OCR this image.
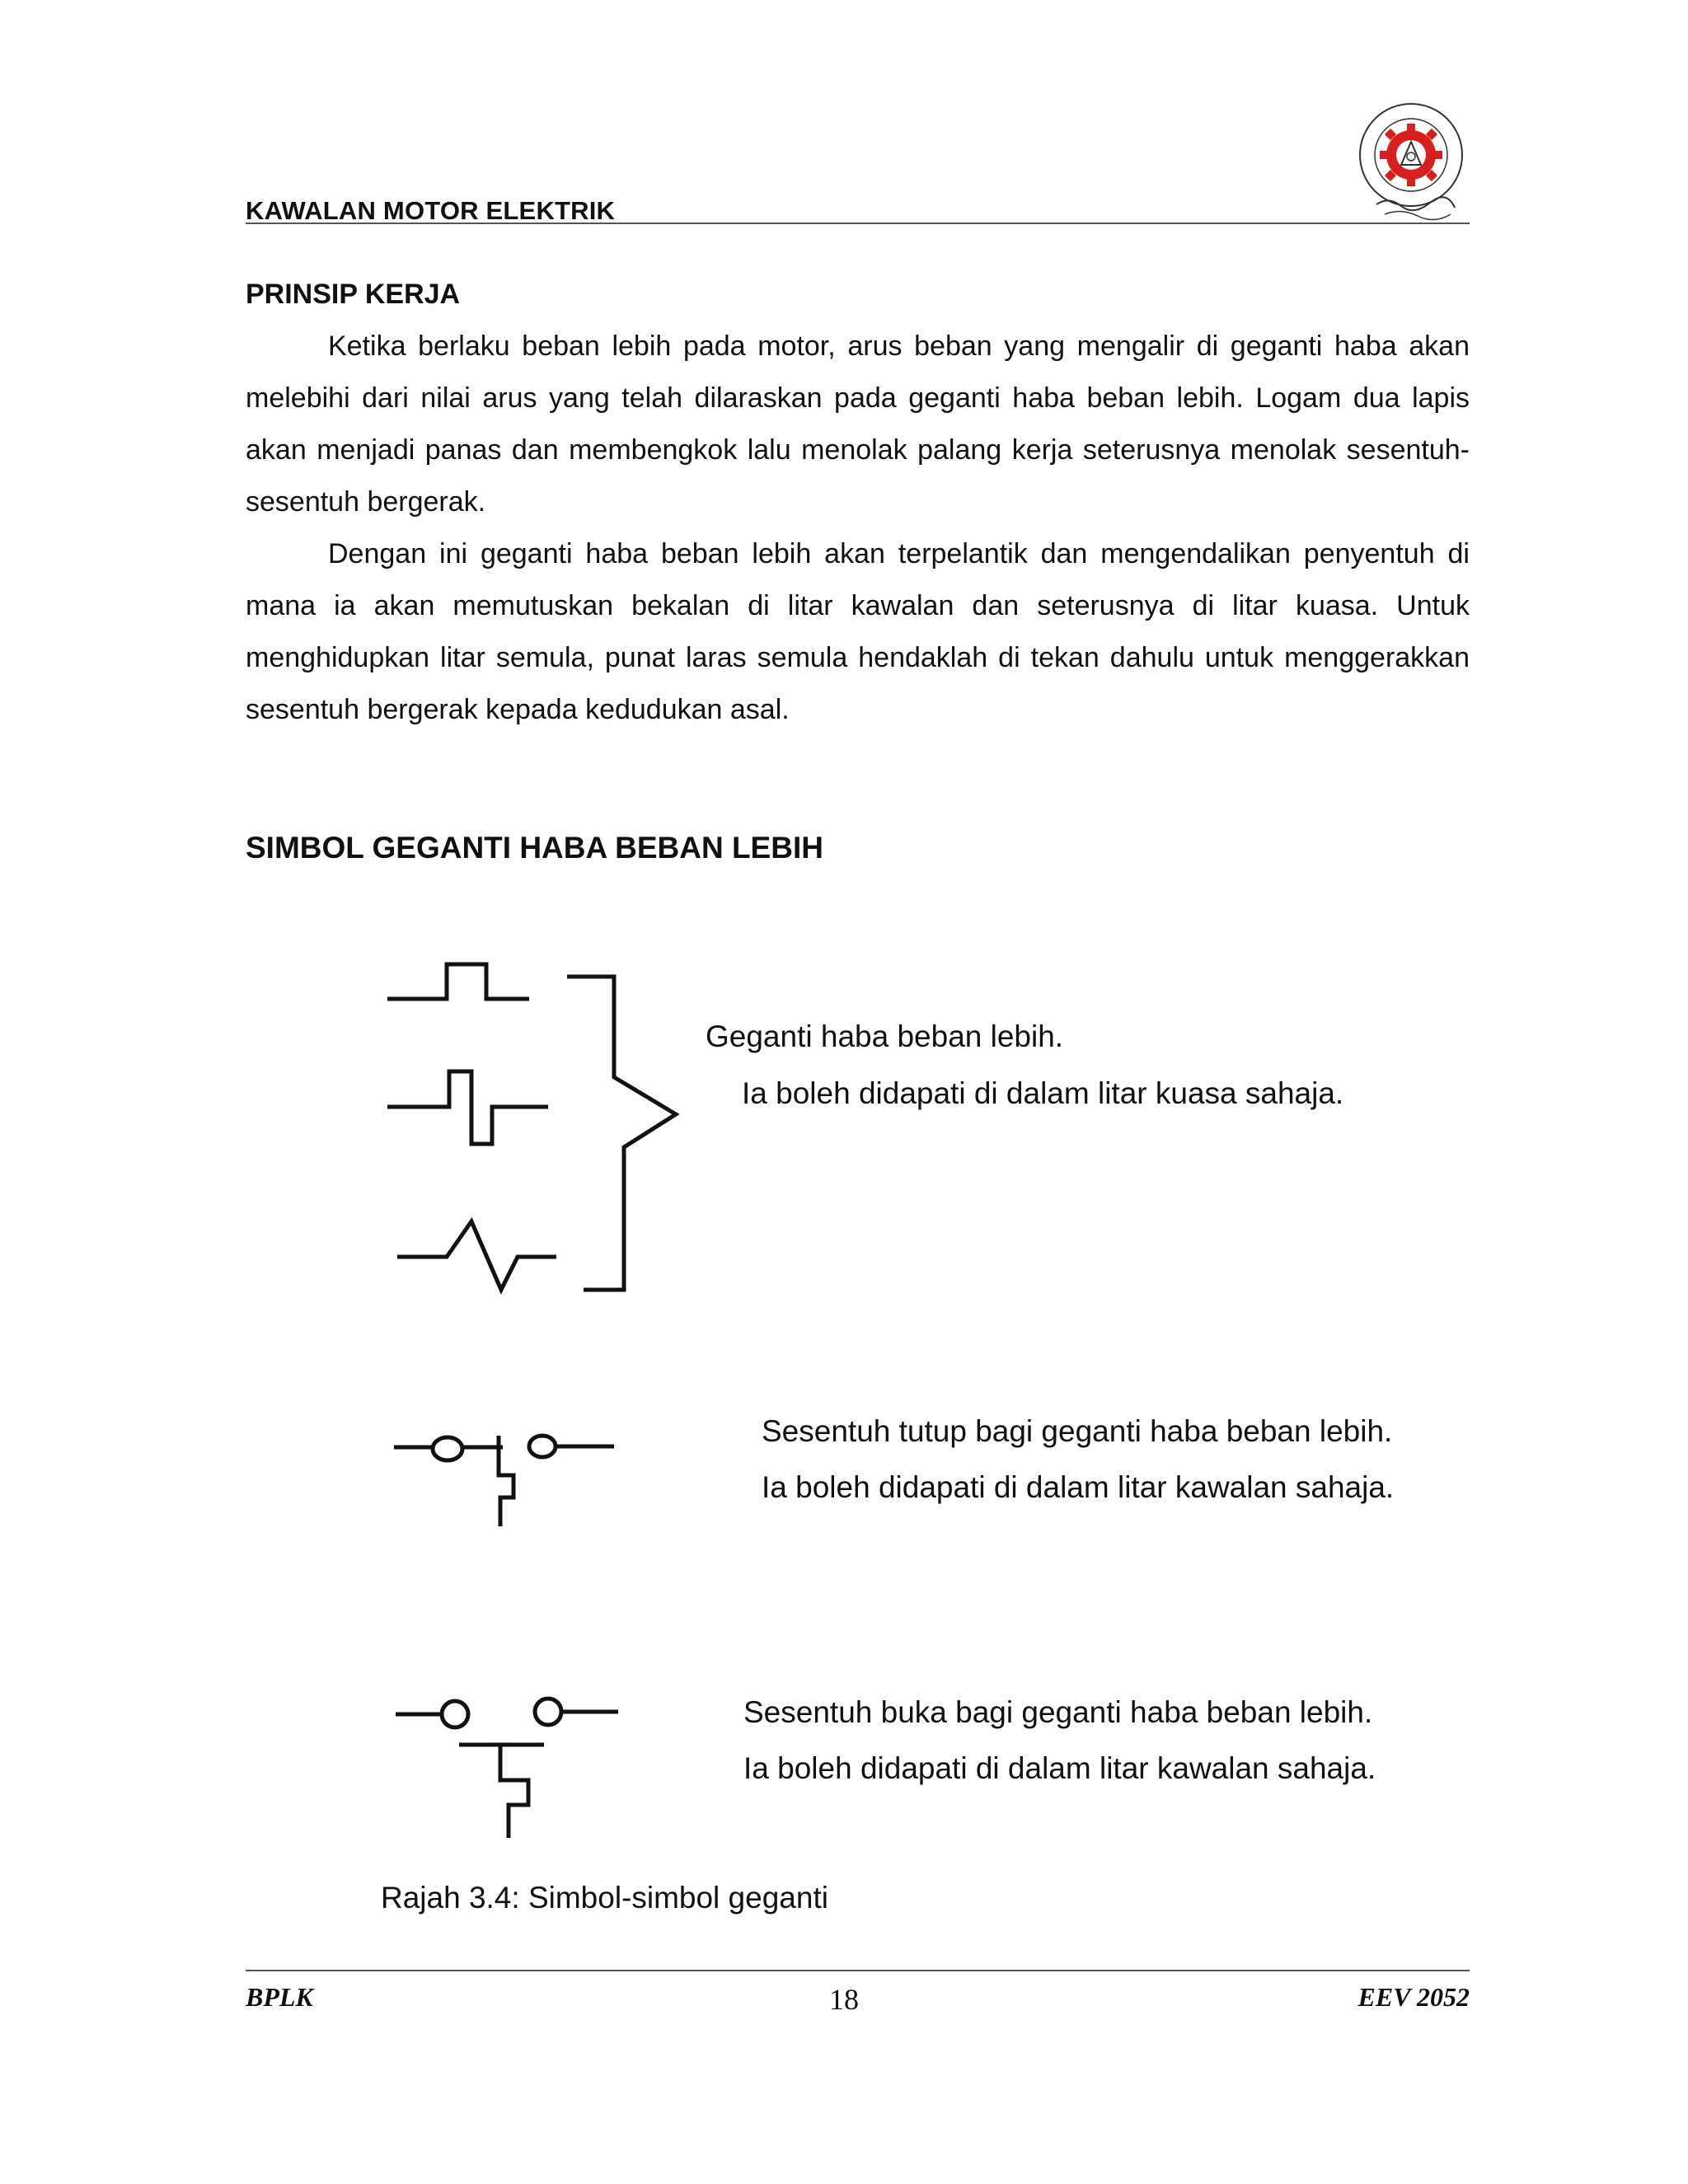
KAWALAN MOTOR ELEKTRIK
PRINSIP KERJA
Ketika berlaku beban lebih pada motor, arus beban yang mengalir di geganti haba akan melebihi dari nilai arus yang telah dilaraskan pada geganti haba beban lebih. Logam dua lapis akan menjadi panas dan membengkok lalu menolak palang kerja seterusnya menolak sesentuh-sesentuh bergerak.
Dengan ini geganti haba beban lebih akan terpelantik dan mengendalikan penyentuh di mana ia akan memutuskan bekalan di litar kawalan dan seterusnya di litar kuasa. Untuk menghidupkan litar semula, punat laras semula hendaklah di tekan dahulu untuk menggerakkan sesentuh bergerak kepada kedudukan asal.
SIMBOL GEGANTI HABA BEBAN LEBIH
Geganti haba beban lebih.
Ia boleh didapati di dalam litar kuasa sahaja.
Sesentuh tutup bagi geganti haba beban lebih.
Ia boleh didapati di dalam litar kawalan sahaja.
Sesentuh buka bagi geganti haba beban lebih.
Ia boleh didapati di dalam litar kawalan sahaja.
Rajah 3.4: Simbol-simbol geganti
BPLK	18	EEV 2052
